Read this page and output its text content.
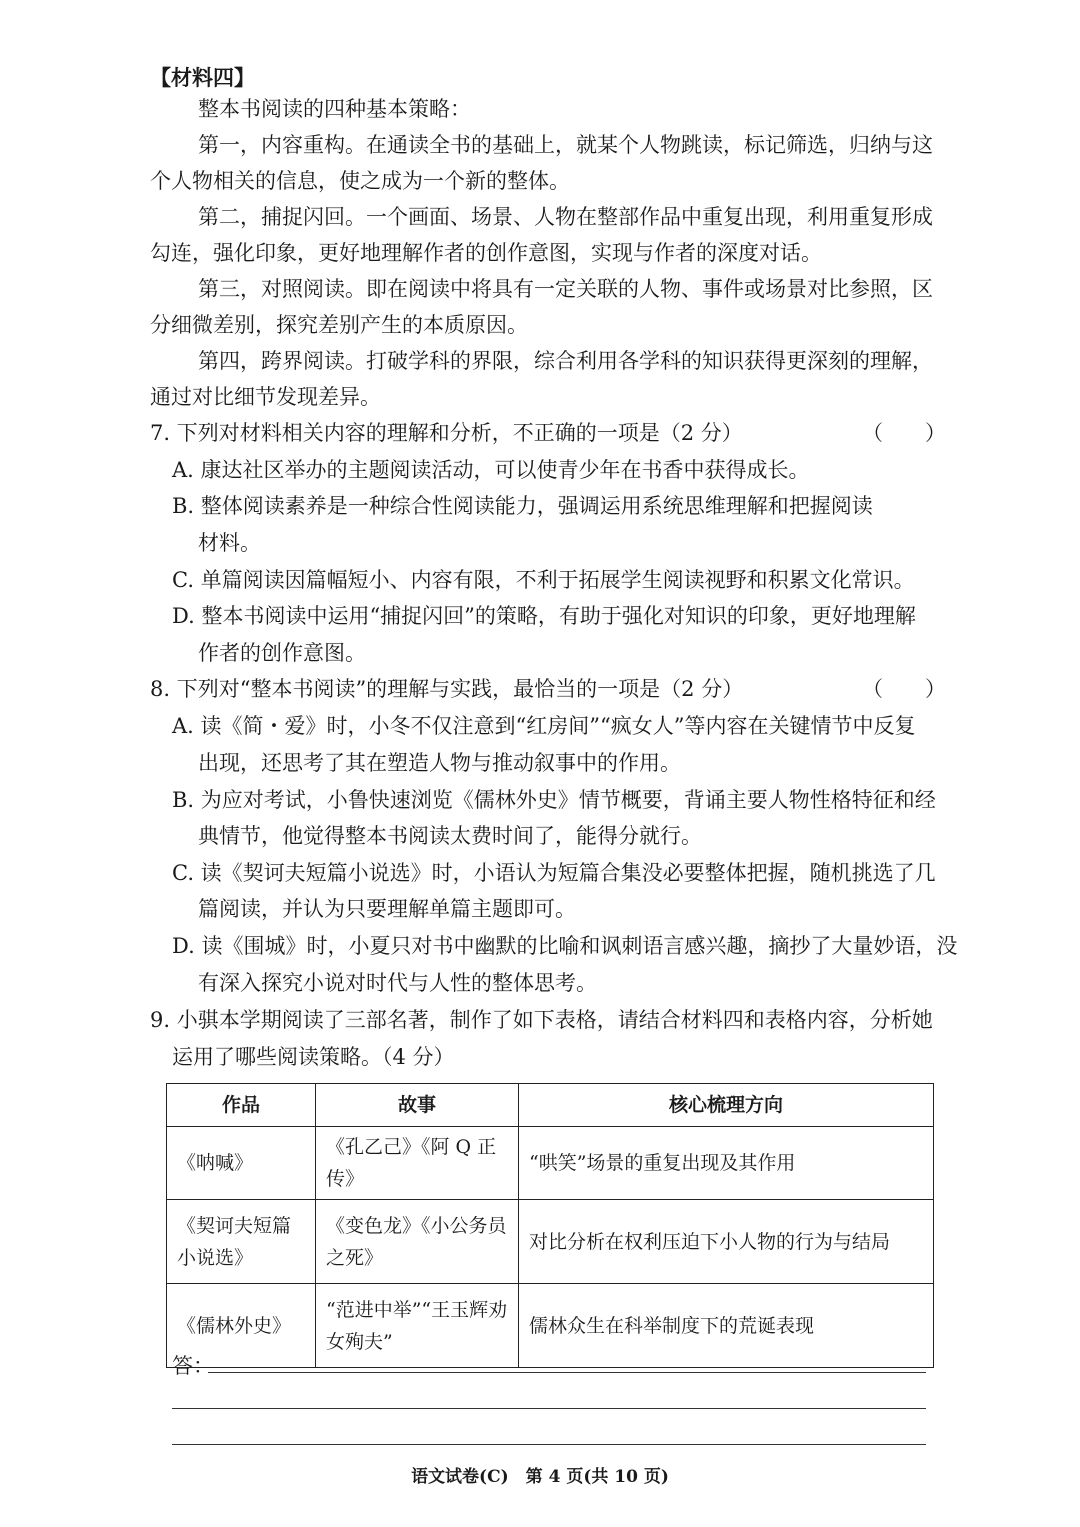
【材料四】
整本书阅读的四种基本策略：
第一，内容重构。在通读全书的基础上，就某个人物跳读，标记筛选，归纳与这
个人物相关的信息，使之成为一个新的整体。
第二，捕捉闪回。一个画面、场景、人物在整部作品中重复出现，利用重复形成
勾连，强化印象，更好地理解作者的创作意图，实现与作者的深度对话。
第三，对照阅读。即在阅读中将具有一定关联的人物、事件或场景对比参照，区
分细微差别，探究差别产生的本质原因。
第四，跨界阅读。打破学科的界限，综合利用各学科的知识获得更深刻的理解，
通过对比细节发现差异。
7. 下列对材料相关内容的理解和分析，不正确的一项是（2 分）	（　　）
A. 康达社区举办的主题阅读活动，可以使青少年在书香中获得成长。
B. 整体阅读素养是一种综合性阅读能力，强调运用系统思维理解和把握阅读
材料。
C. 单篇阅读因篇幅短小、内容有限，不利于拓展学生阅读视野和积累文化常识。
D. 整本书阅读中运用“捕捉闪回”的策略，有助于强化对知识的印象，更好地理解
作者的创作意图。
8. 下列对“整本书阅读”的理解与实践，最恰当的一项是（2 分）	（　　）
A. 读《简・爱》时，小冬不仅注意到“红房间”“疯女人”等内容在关键情节中反复
出现，还思考了其在塑造人物与推动叙事中的作用。
B. 为应对考试，小鲁快速浏览《儒林外史》情节概要，背诵主要人物性格特征和经
典情节，他觉得整本书阅读太费时间了，能得分就行。
C. 读《契诃夫短篇小说选》时，小语认为短篇合集没必要整体把握，随机挑选了几
篇阅读，并认为只要理解单篇主题即可。
D. 读《围城》时，小夏只对书中幽默的比喻和讽刺语言感兴趣，摘抄了大量妙语，没
有深入探究小说对时代与人性的整体思考。
9. 小骐本学期阅读了三部名著，制作了如下表格，请结合材料四和表格内容，分析她
运用了哪些阅读策略。（4 分）
作品	故事	核心梳理方向
《呐喊》	《孔乙己》《阿 Q 正传》	“哄笑”场景的重复出现及其作用
《契诃夫短篇小说选》	《变色龙》《小公务员之死》	对比分析在权利压迫下小人物的行为与结局
《儒林外史》	“范进中举”“王玉辉劝女殉夫”	儒林众生在科举制度下的荒诞表现
答：
语文试卷(C)　第 4 页(共 10 页)
